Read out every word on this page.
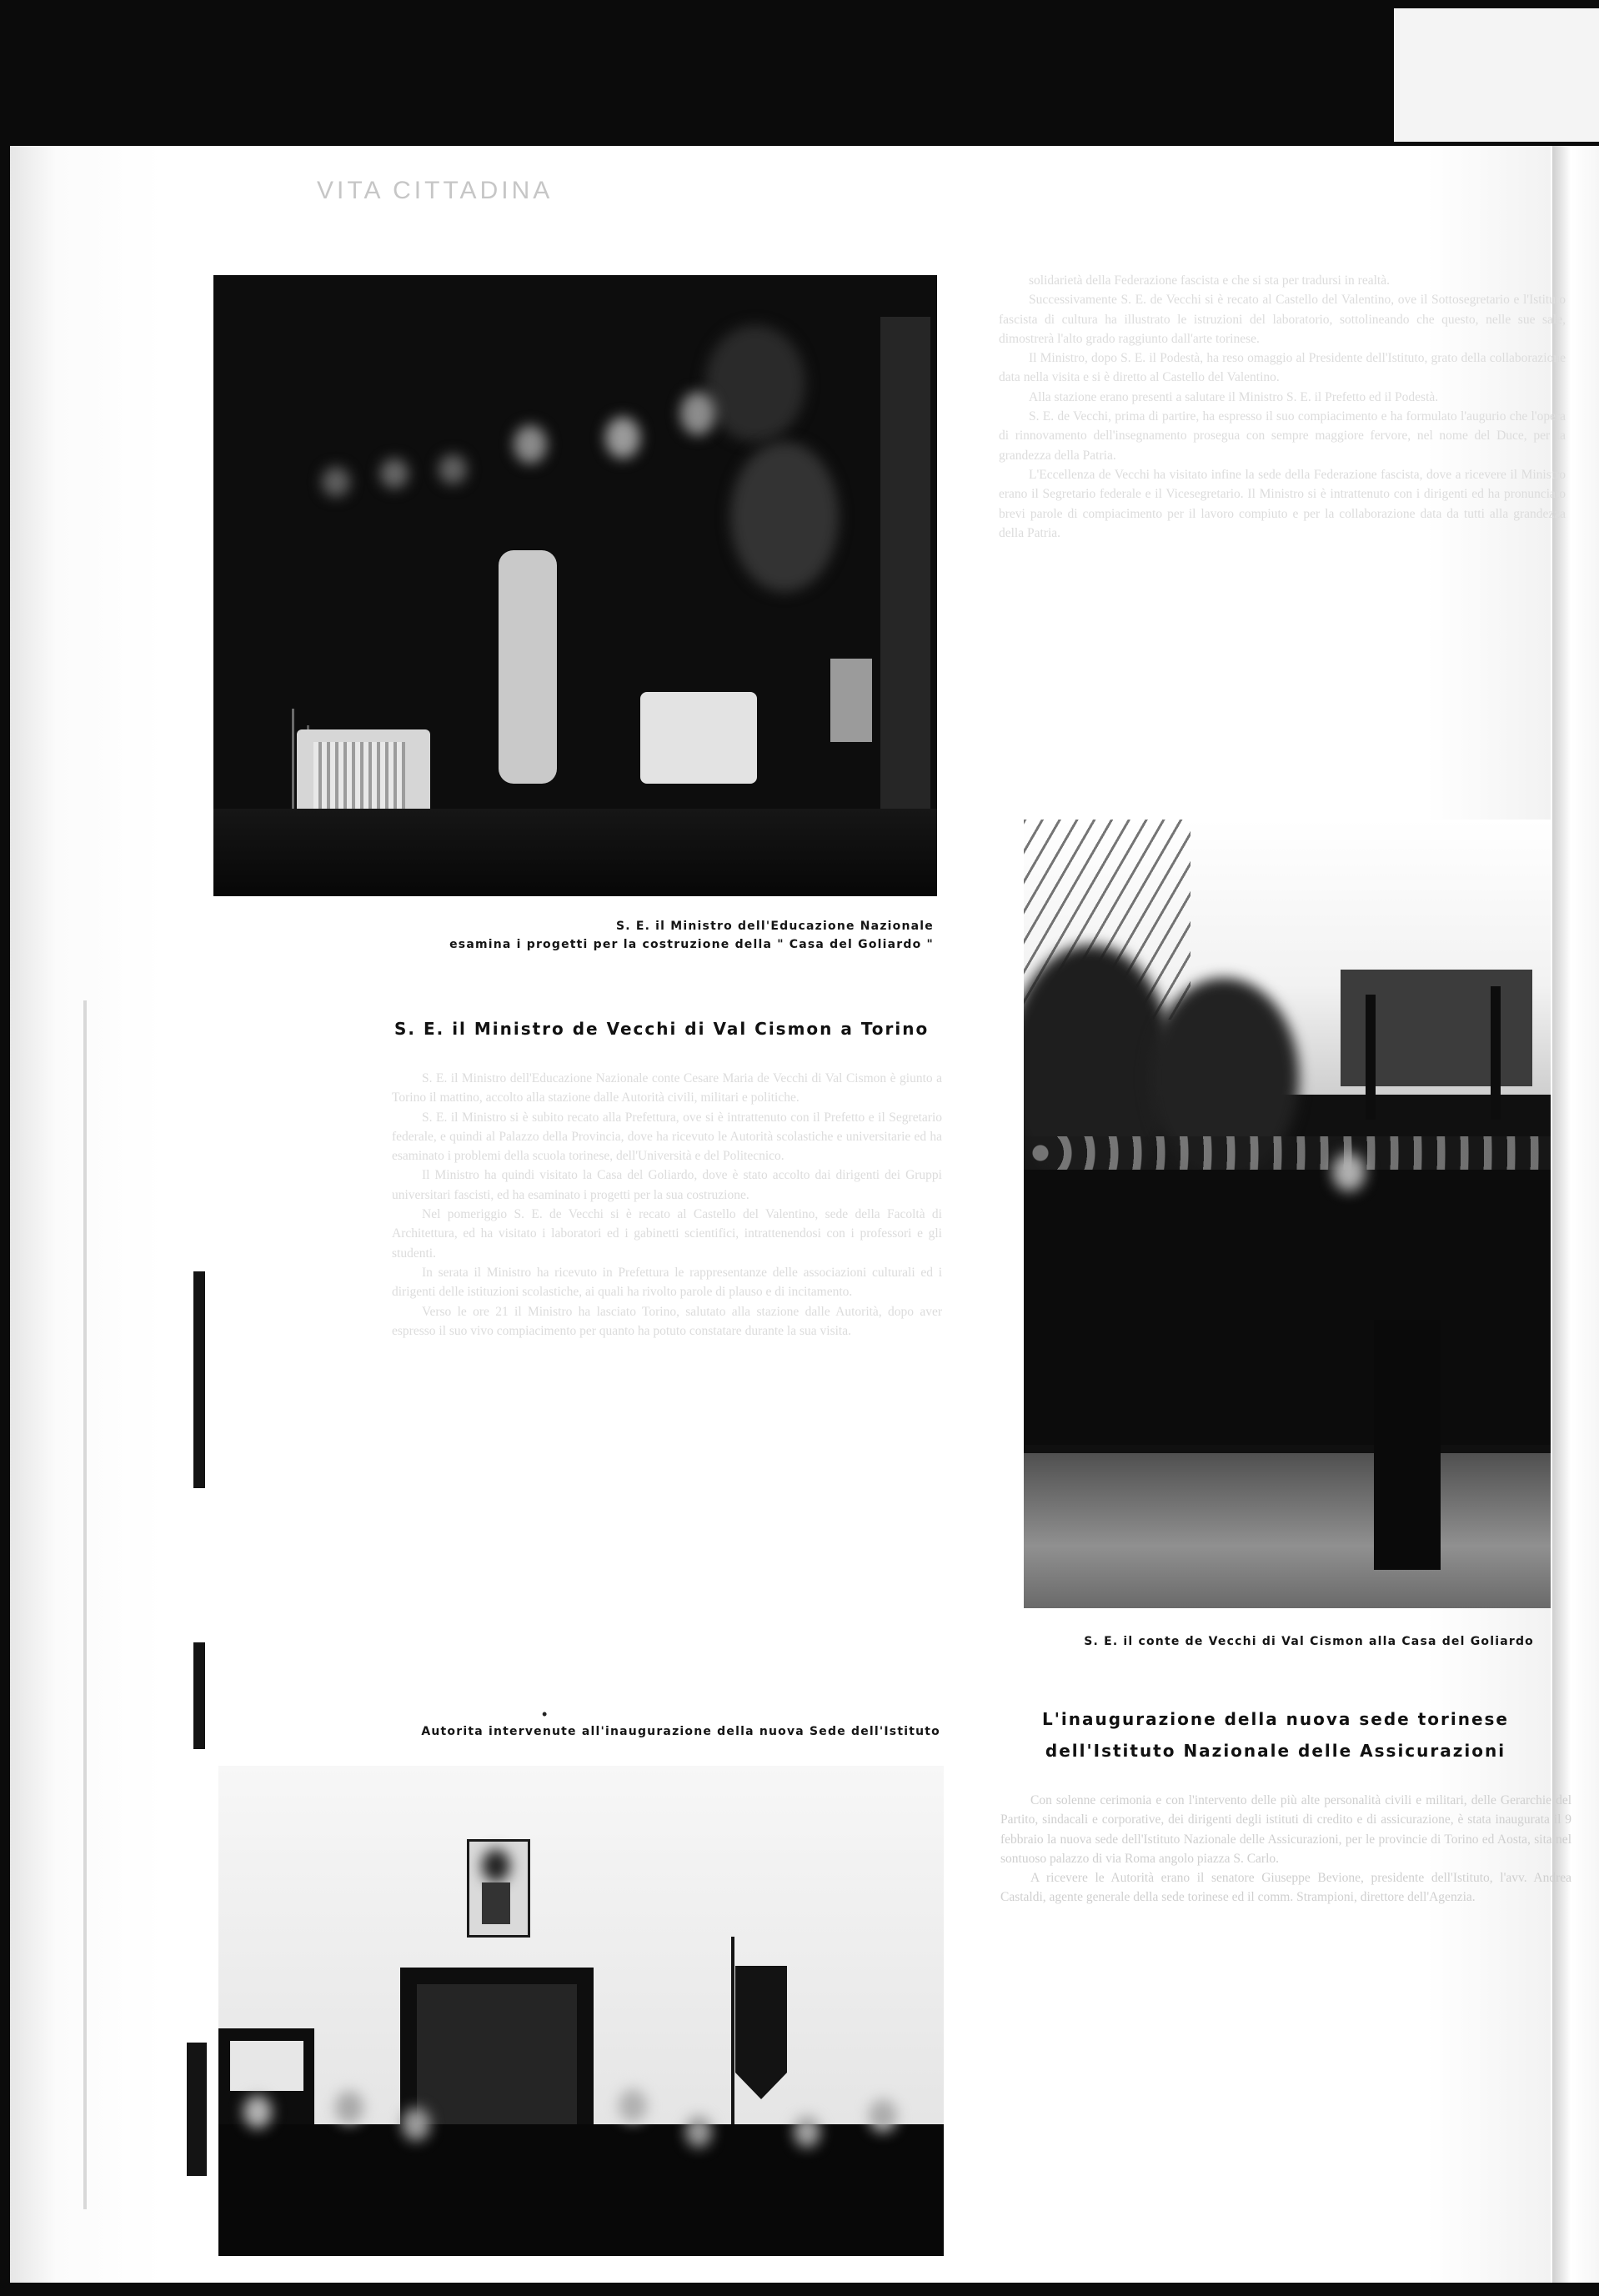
VITA CITTADINA
S. E. il Ministro dell'Educazione Nazionale
esamina i progetti per la costruzione della " Casa del Goliardo "
S. E. il Ministro de Vecchi di Val Cismon a Torino

S. E. il Ministro dell'Educazione Nazionale conte Cesare Maria de Vecchi di Val Cismon è giunto a Torino il mattino, accolto alla stazione dalle Autorità civili, militari e politiche.

S. E. il Ministro si è subito recato alla Prefettura, ove si è intrattenuto con il Prefetto e il Segretario federale, e quindi al Palazzo della Provincia, dove ha ricevuto le Autorità scolastiche e universitarie ed ha esaminato i problemi della scuola torinese, dell'Università e del Politecnico.

Il Ministro ha quindi visitato la Casa del Goliardo, dove è stato accolto dai dirigenti dei Gruppi universitari fascisti, ed ha esaminato i progetti per la sua costruzione.

Nel pomeriggio S. E. de Vecchi si è recato al Castello del Valentino, sede della Facoltà di Architettura, ed ha visitato i laboratori ed i gabinetti scientifici, intrattenendosi con i professori e gli studenti.

In serata il Ministro ha ricevuto in Prefettura le rappresentanze delle associazioni culturali ed i dirigenti delle istituzioni scolastiche, ai quali ha rivolto parole di plauso e di incitamento.

Verso le ore 21 il Ministro ha lasciato Torino, salutato alla stazione dalle Autorità, dopo aver espresso il suo vivo compiacimento per quanto ha potuto constatare durante la sua visita.

solidarietà della Federazione fascista e che si sta per tradursi in realtà.

Successivamente S. E. de Vecchi si è recato al Castello del Valentino, ove il Sottosegretario e l'Istituto fascista di cultura ha illustrato le istruzioni del laboratorio, sottolineando che questo, nelle sue sale, dimostrerà l'alto grado raggiunto dall'arte torinese.

Il Ministro, dopo S. E. il Podestà, ha reso omaggio al Presidente dell'Istituto, grato della collaborazione data nella visita e si è diretto al Castello del Valentino.

Alla stazione erano presenti a salutare il Ministro S. E. il Prefetto ed il Podestà.

S. E. de Vecchi, prima di partire, ha espresso il suo compiacimento e ha formulato l'augurio che l'opera di rinnovamento dell'insegnamento prosegua con sempre maggiore fervore, nel nome del Duce, per la grandezza della Patria.

L'Eccellenza de Vecchi ha visitato infine la sede della Federazione fascista, dove a ricevere il Ministro erano il Segretario federale e il Vicesegretario. Il Ministro si è intrattenuto con i dirigenti ed ha pronunciato brevi parole di compiacimento per il lavoro compiuto e per la collaborazione data da tutti alla grandezza della Patria.

S. E. il conte de Vecchi di Val Cismon alla Casa del Goliardo
L'inaugurazione della nuova sede torinese
dell'Istituto Nazionale delle Assicurazioni

Con solenne cerimonia e con l'intervento delle più alte personalità civili e militari, delle Gerarchie del Partito, sindacali e corporative, dei dirigenti degli istituti di credito e di assicurazione, è stata inaugurata il 9 febbraio la nuova sede dell'Istituto Nazionale delle Assicurazioni, per le provincie di Torino ed Aosta, sita nel sontuoso palazzo di via Roma angolo piazza S. Carlo.

A ricevere le Autorità erano il senatore Giuseppe Bevione, presidente dell'Istituto, l'avv. Andrea Castaldi, agente generale della sede torinese ed il comm. Strampioni, direttore dell'Agenzia.

•
Autorita intervenute all'inaugurazione della nuova Sede dell'Istituto
